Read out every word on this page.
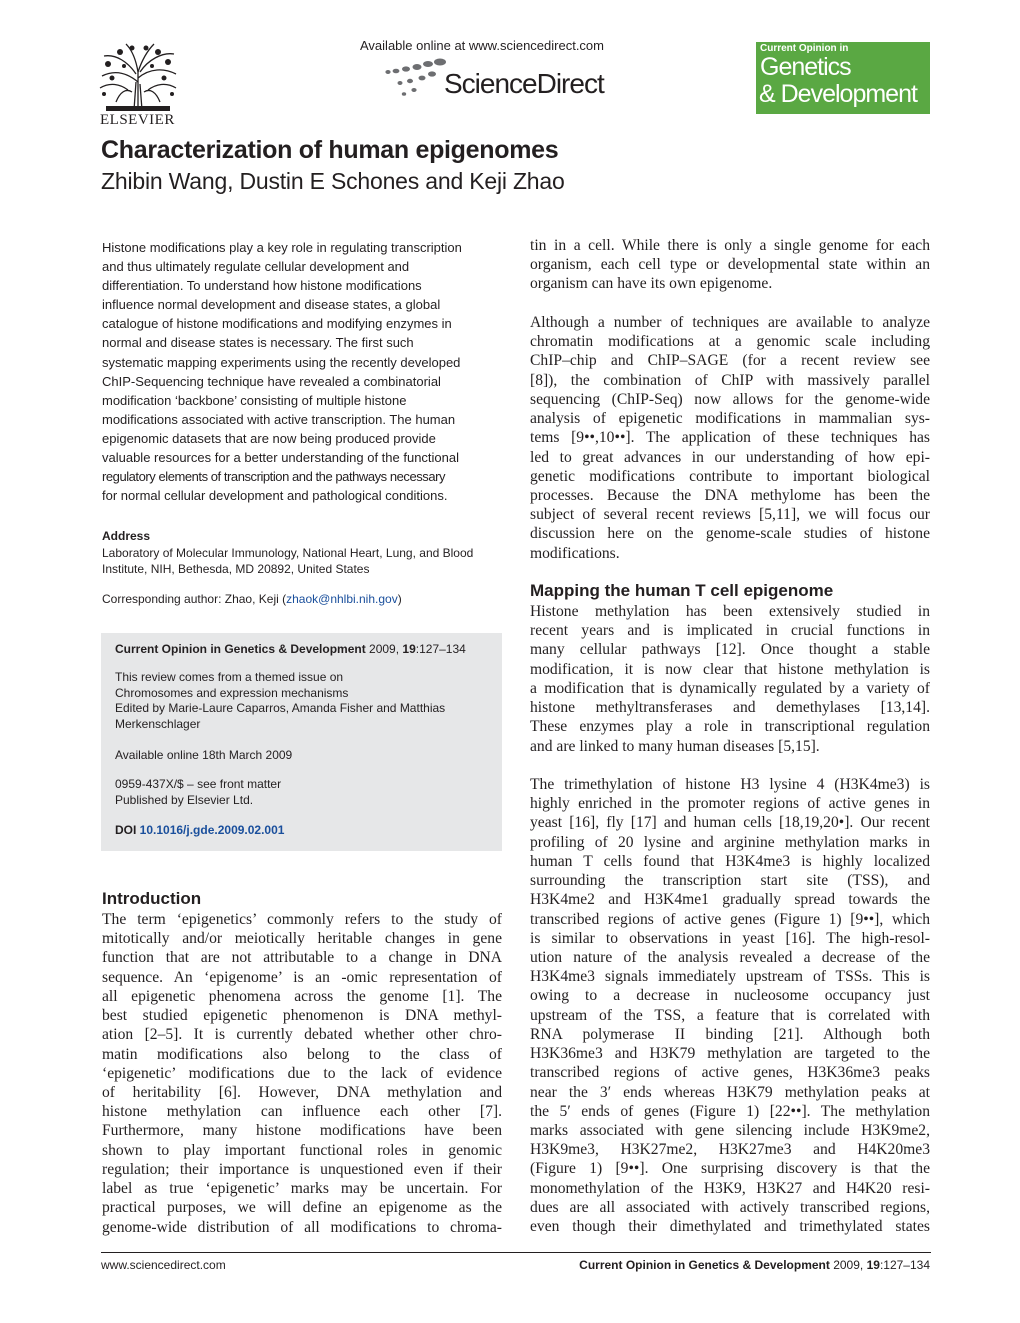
ELSEVIER
Available online at www.sciencedirect.com
ScienceDirect
Current Opinion in
Genetics
& Development
Characterization of human epigenomes
Zhibin Wang, Dustin E Schones and Keji Zhao
Histone modifications play a key role in regulating transcription
and thus ultimately regulate cellular development and
differentiation. To understand how histone modifications
influence normal development and disease states, a global
catalogue of histone modifications and modifying enzymes in
normal and disease states is necessary. The first such
systematic mapping experiments using the recently developed
ChIP-Sequencing technique have revealed a combinatorial
modification ‘backbone’ consisting of multiple histone
modifications associated with active transcription. The human
epigenomic datasets that are now being produced provide
valuable resources for a better understanding of the functional
regulatory elements of transcription and the pathways necessary
for normal cellular development and pathological conditions.
Address
Laboratory of Molecular Immunology, National Heart, Lung, and Blood
Institute, NIH, Bethesda, MD 20892, United States
Corresponding author: Zhao, Keji (zhaok@nhlbi.nih.gov)
Current Opinion in Genetics & Development 2009, 19:127–134
This review comes from a themed issue on
Chromosomes and expression mechanisms
Edited by Marie-Laure Caparros, Amanda Fisher and Matthias
Merkenschlager
Available online 18th March 2009
0959-437X/$ – see front matter
Published by Elsevier Ltd.
DOI 10.1016/j.gde.2009.02.001
Introduction
The term ‘epigenetics’ commonly refers to the study of
mitotically and/or meiotically heritable changes in gene
function that are not attributable to a change in DNA
sequence. An ‘epigenome’ is an -omic representation of
all epigenetic phenomena across the genome [1]. The
best studied epigenetic phenomenon is DNA methyl-
ation [2–5]. It is currently debated whether other chro-
matin modifications also belong to the class of
‘epigenetic’ modifications due to the lack of evidence
of heritability [6]. However, DNA methylation and
histone methylation can influence each other [7].
Furthermore, many histone modifications have been
shown to play important functional roles in genomic
regulation; their importance is unquestioned even if their
label as true ‘epigenetic’ marks may be uncertain. For
practical purposes, we will define an epigenome as the
genome-wide distribution of all modifications to chroma-
tin in a cell. While there is only a single genome for each
organism, each cell type or developmental state within an
organism can have its own epigenome.
Although a number of techniques are available to analyze
chromatin modifications at a genomic scale including
ChIP–chip and ChIP–SAGE (for a recent review see
[8]), the combination of ChIP with massively parallel
sequencing (ChIP-Seq) now allows for the genome-wide
analysis of epigenetic modifications in mammalian sys-
tems [9••,10••]. The application of these techniques has
led to great advances in our understanding of how epi-
genetic modifications contribute to important biological
processes. Because the DNA methylome has been the
subject of several recent reviews [5,11], we will focus our
discussion here on the genome-scale studies of histone
modifications.
Mapping the human T cell epigenome
Histone methylation has been extensively studied in
recent years and is implicated in crucial functions in
many cellular pathways [12]. Once thought a stable
modification, it is now clear that histone methylation is
a modification that is dynamically regulated by a variety of
histone methyltransferases and demethylases [13,14].
These enzymes play a role in transcriptional regulation
and are linked to many human diseases [5,15].
The trimethylation of histone H3 lysine 4 (H3K4me3) is
highly enriched in the promoter regions of active genes in
yeast [16], fly [17] and human cells [18,19,20•]. Our recent
profiling of 20 lysine and arginine methylation marks in
human T cells found that H3K4me3 is highly localized
surrounding the transcription start site (TSS), and
H3K4me2 and H3K4me1 gradually spread towards the
transcribed regions of active genes (Figure 1) [9••], which
is similar to observations in yeast [16]. The high-resol-
ution nature of the analysis revealed a decrease of the
H3K4me3 signals immediately upstream of TSSs. This is
owing to a decrease in nucleosome occupancy just
upstream of the TSS, a feature that is correlated with
RNA polymerase II binding [21]. Although both
H3K36me3 and H3K79 methylation are targeted to the
transcribed regions of active genes, H3K36me3 peaks
near the 3′ ends whereas H3K79 methylation peaks at
the 5′ ends of genes (Figure 1) [22••]. The methylation
marks associated with gene silencing include H3K9me2,
H3K9me3, H3K27me2, H3K27me3 and H4K20me3
(Figure 1) [9••]. One surprising discovery is that the
monomethylation of the H3K9, H3K27 and H4K20 resi-
dues are all associated with actively transcribed regions,
even though their dimethylated and trimethylated states
www.sciencedirect.com	Current Opinion in Genetics & Development 2009, 19:127–134
